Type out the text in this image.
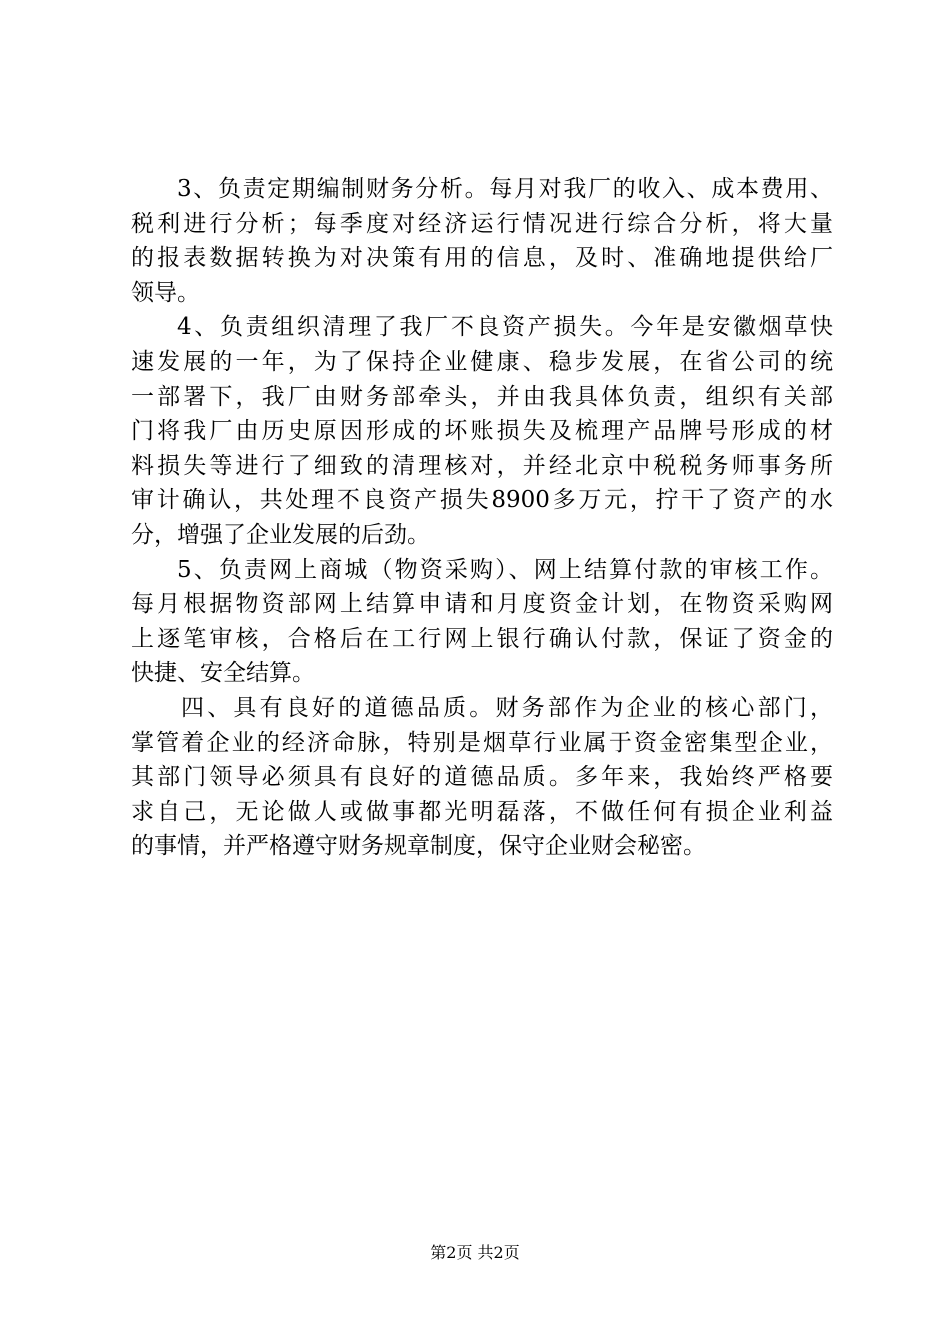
3、负责定期编制财务分析。每月对我厂的收入、成本费用、
税利进行分析；每季度对经济运行情况进行综合分析，将大量
的报表数据转换为对决策有用的信息，及时、准确地提供给厂
领导。
4、负责组织清理了我厂不良资产损失。今年是安徽烟草快
速发展的一年，为了保持企业健康、稳步发展，在省公司的统
一部署下，我厂由财务部牵头，并由我具体负责，组织有关部
门将我厂由历史原因形成的坏账损失及梳理产品牌号形成的材
料损失等进行了细致的清理核对，并经北京中税税务师事务所
审计确认，共处理不良资产损失8900多万元，拧干了资产的水
分，增强了企业发展的后劲。
5、负责网上商城（物资采购）、网上结算付款的审核工作。
每月根据物资部网上结算申请和月度资金计划，在物资采购网
上逐笔审核，合格后在工行网上银行确认付款，保证了资金的
快捷、安全结算。
四、具有良好的道德品质。财务部作为企业的核心部门，
掌管着企业的经济命脉，特别是烟草行业属于资金密集型企业，
其部门领导必须具有良好的道德品质。多年来，我始终严格要
求自己，无论做人或做事都光明磊落，不做任何有损企业利益
的事情，并严格遵守财务规章制度，保守企业财会秘密。
第2页 共2页
